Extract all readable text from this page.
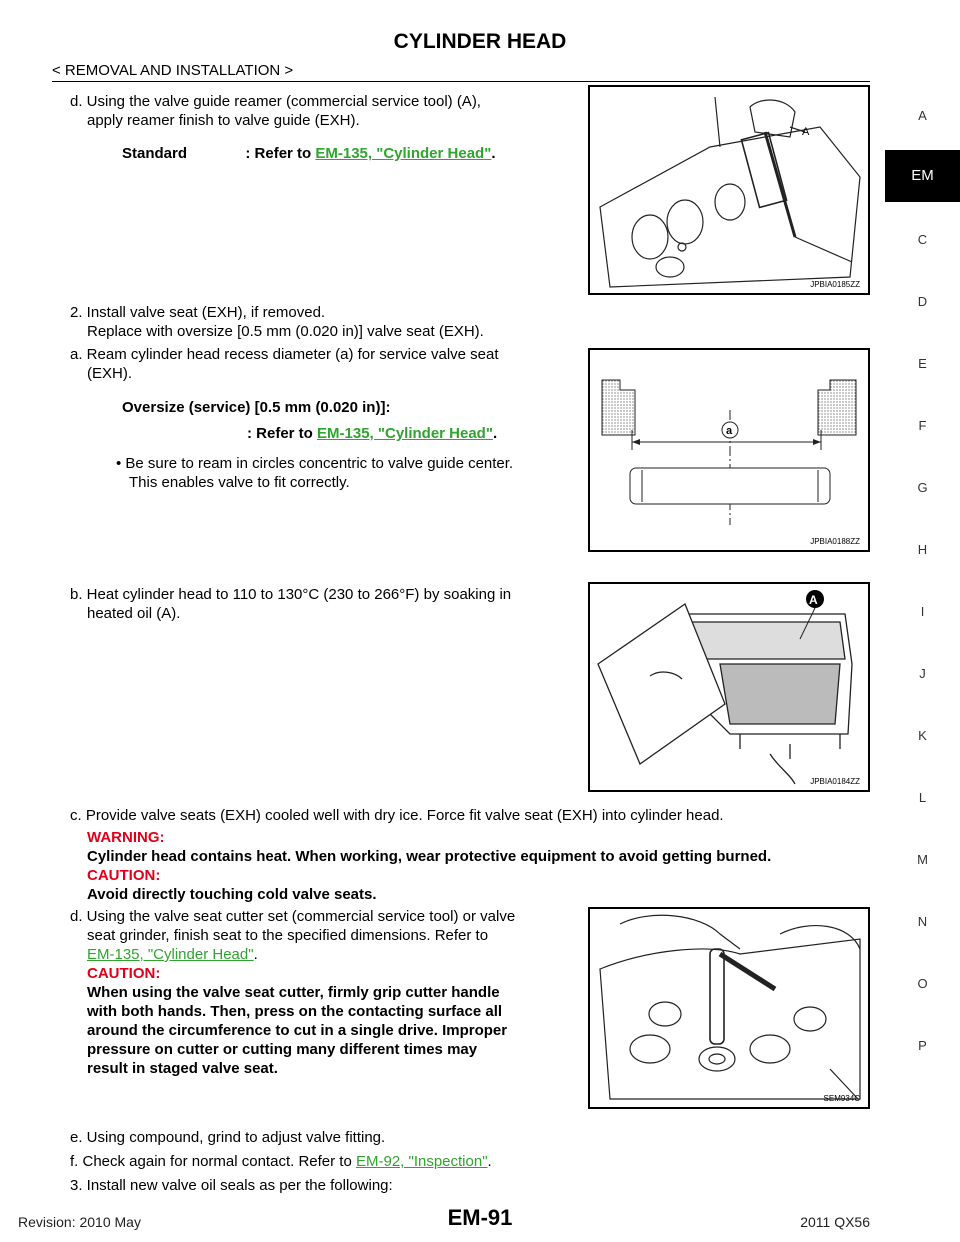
CYLINDER HEAD
< REMOVAL AND INSTALLATION >
d. Using the valve guide reamer (commercial service tool) (A),
apply reamer finish to valve guide (EXH).
Standard	: Refer to EM-135, "Cylinder Head".
A
JPBIA0185ZZ
2. Install valve seat (EXH), if removed.
Replace with oversize [0.5 mm (0.020 in)] valve seat (EXH).
a. Ream cylinder head recess diameter (a) for service valve seat
(EXH).
Oversize (service) [0.5 mm (0.020 in)]:
: Refer to EM-135, "Cylinder Head".
• Be sure to ream in circles concentric to valve guide center.
This enables valve to fit correctly.
a
JPBIA0188ZZ
b. Heat cylinder head to 110 to 130°C (230 to 266°F) by soaking in
heated oil (A).
A
JPBIA0184ZZ
c. Provide valve seats (EXH) cooled well with dry ice. Force fit valve seat (EXH) into cylinder head.
WARNING:
Cylinder head contains heat. When working, wear protective equipment to avoid getting burned.
CAUTION:
Avoid directly touching cold valve seats.
d. Using the valve seat cutter set (commercial service tool) or valve
seat grinder, finish seat to the specified dimensions. Refer to
EM-135, "Cylinder Head".
CAUTION:
When using the valve seat cutter, firmly grip cutter handle
with both hands. Then, press on the contacting surface all
around the circumference to cut in a single drive. Improper
pressure on cutter or cutting many different times may
result in staged valve seat.
SEM934C
e. Using compound, grind to adjust valve fitting.
f. Check again for normal contact. Refer to EM-92, "Inspection".
3. Install new valve oil seals as per the following:
A
EM
C
D
E
F
G
H
I
J
K
L
M
N
O
P
Revision: 2010 May	EM-91	2011 QX56
